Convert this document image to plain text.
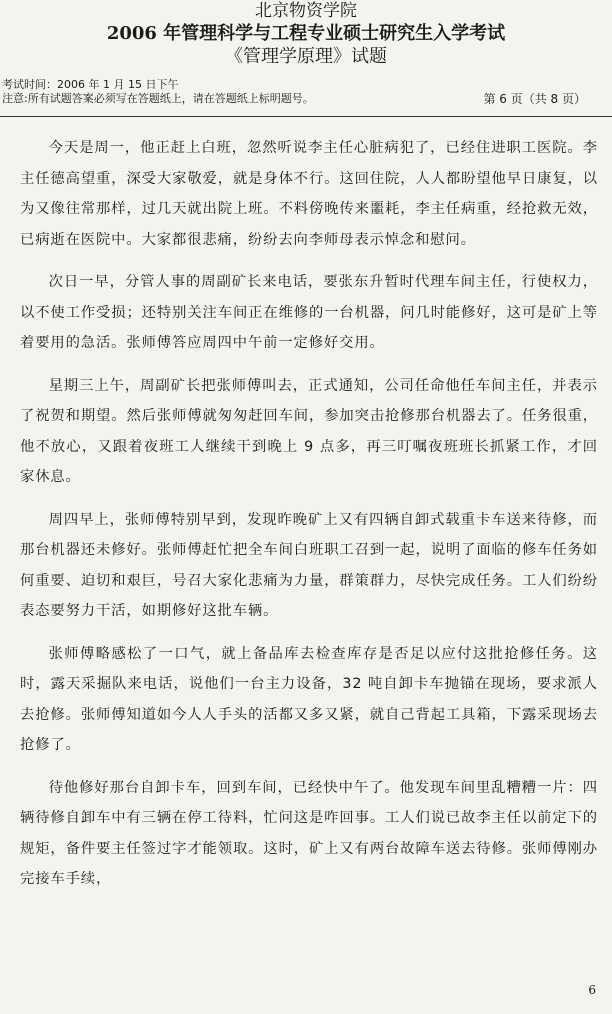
北京物资学院
2006 年管理科学与工程专业硕士研究生入学考试
《管理学原理》试题
考试时间：2006 年 1 月 15 日下午
注意:所有试题答案必须写在答题纸上，请在答题纸上标明题号。	第 6 页（共 8 页）

今天是周一，他正赶上白班，忽然听说李主任心脏病犯了，已经住进职工医院。李主任德高望重，深受大家敬爱，就是身体不行。这回住院，人人都盼望他早日康复，以为又像往常那样，过几天就出院上班。不料傍晚传来噩耗，李主任病重，经抢救无效，已病逝在医院中。大家都很悲痛，纷纷去向李师母表示悼念和慰问。

次日一早，分管人事的周副矿长来电话，要张东升暂时代理车间主任，行使权力，以不使工作受损；还特别关注车间正在维修的一台机器，问几时能修好，这可是矿上等着要用的急活。张师傅答应周四中午前一定修好交用。

星期三上午，周副矿长把张师傅叫去，正式通知，公司任命他任车间主任，并表示了祝贺和期望。然后张师傅就匆匆赶回车间，参加突击抢修那台机器去了。任务很重，他不放心，又跟着夜班工人继续干到晚上 9 点多，再三叮嘱夜班班长抓紧工作，才回家休息。

周四早上，张师傅特别早到，发现昨晚矿上又有四辆自卸式载重卡车送来待修，而那台机器还未修好。张师傅赶忙把全车间白班职工召到一起，说明了面临的修车任务如何重要、迫切和艰巨，号召大家化悲痛为力量，群策群力，尽快完成任务。工人们纷纷表态要努力干活，如期修好这批车辆。

张师傅略感松了一口气，就上备品库去检查库存是否足以应付这批抢修任务。这时，露天采掘队来电话，说他们一台主力设备，32 吨自卸卡车抛锚在现场，要求派人去抢修。张师傅知道如今人人手头的活都又多又紧，就自己背起工具箱，下露采现场去抢修了。

待他修好那台自卸卡车，回到车间，已经快中午了。他发现车间里乱糟糟一片：四辆待修自卸车中有三辆在停工待料，忙问这是咋回事。工人们说已故李主任以前定下的规矩，备件要主任签过字才能领取。这时，矿上又有两台故障车送去待修。张师傅刚办完接车手续，

6
